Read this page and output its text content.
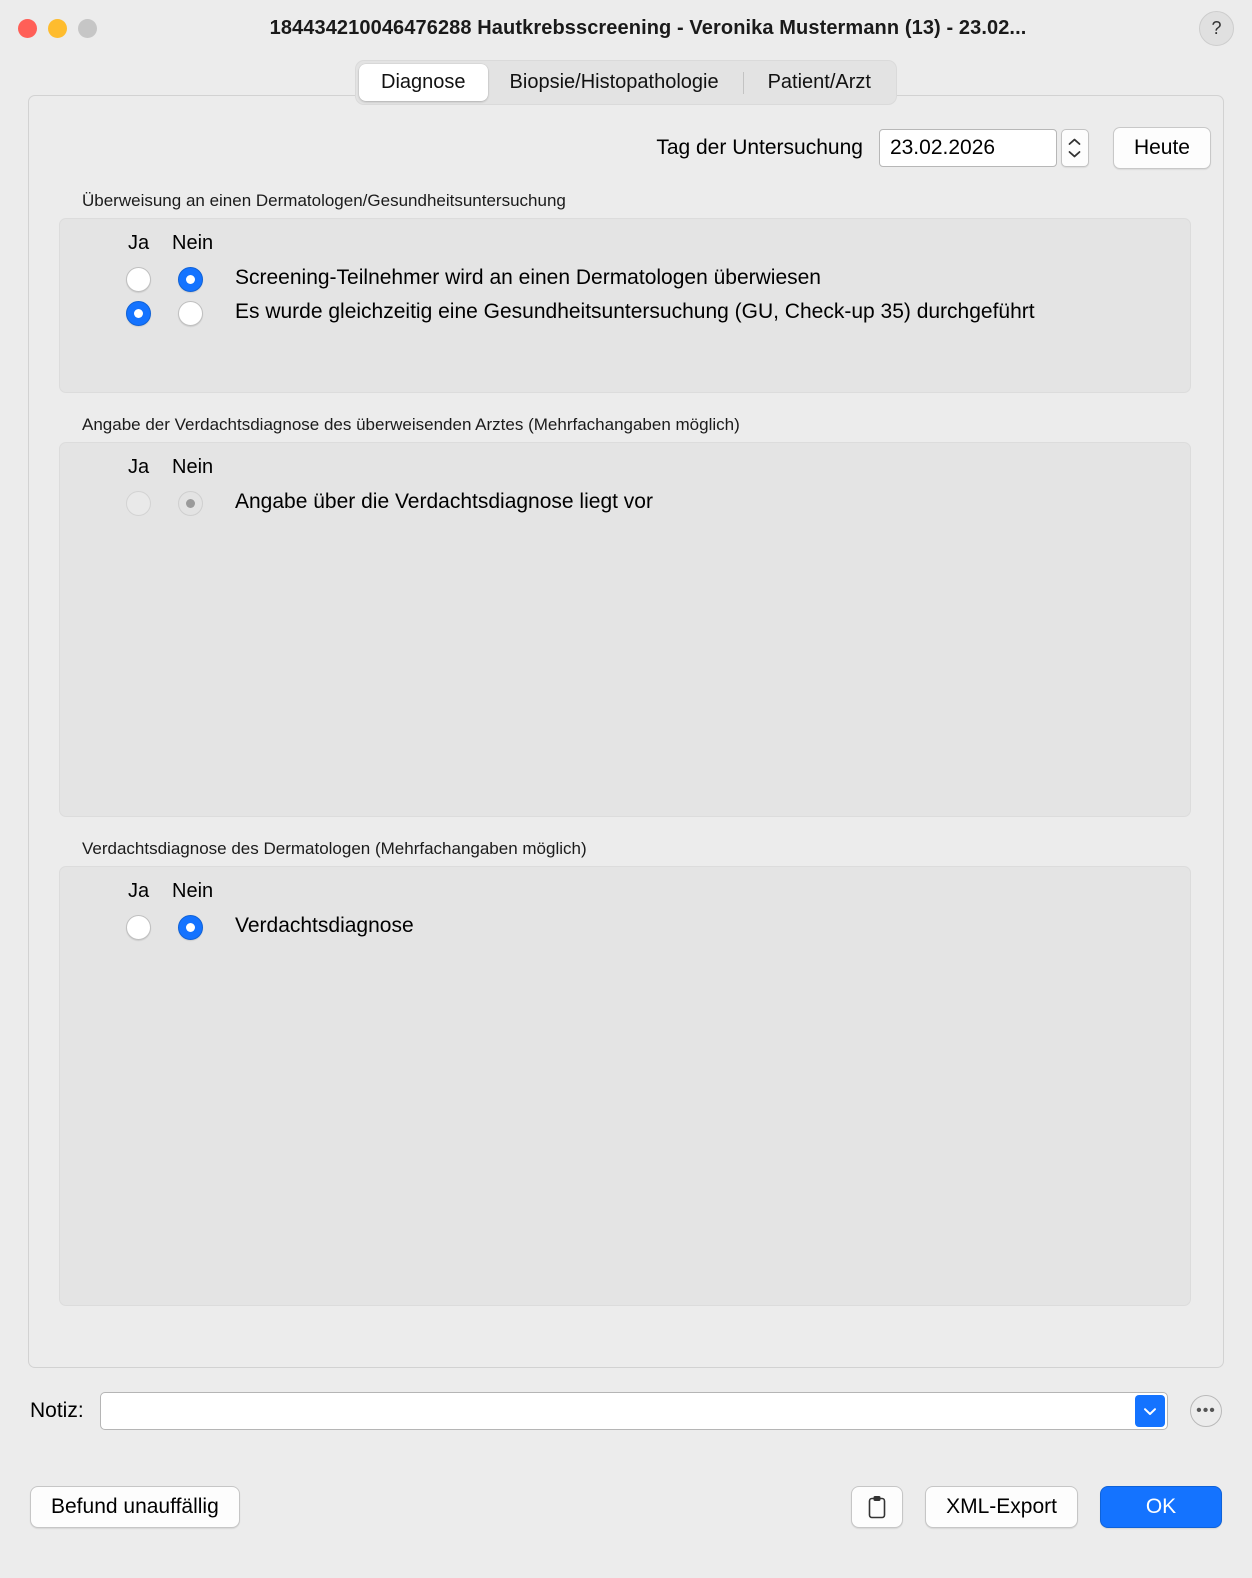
184434210046476288 Hautkrebsscreening - Veronika Mustermann (13) - 23.02...	?
Diagnose	Biopsie/Histopathologie	Patient/Arzt
Tag der Untersuchung 23.02.2026	Heute
Überweisung an einen Dermatologen/Gesundheitsuntersuchung
Ja Nein
Screening-Teilnehmer wird an einen Dermatologen überwiesen
Es wurde gleichzeitig eine Gesundheitsuntersuchung (GU, Check-up 35) durchgeführt
Angabe der Verdachtsdiagnose des überweisenden Arztes (Mehrfachangaben möglich)
Ja Nein
Angabe über die Verdachtsdiagnose liegt vor
Verdachtsdiagnose des Dermatologen (Mehrfachangaben möglich)
Ja Nein
Verdachtsdiagnose
Notiz:	•••
Befund unauffällig	XML-Export	OK
